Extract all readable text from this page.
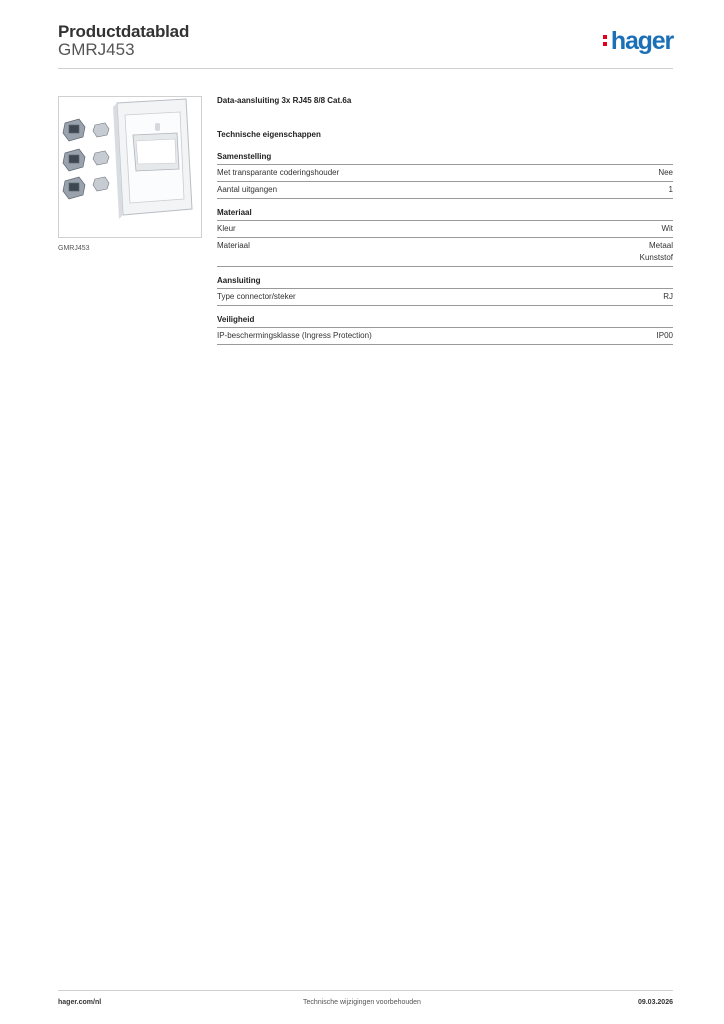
Productdatablad
GMRJ453	hager
GMRJ453
Data-aansluiting 3x RJ45 8/8 Cat.6a
Technische eigenschappen
Samenstelling
Met transparante coderingshouder	Nee
Aantal uitgangen	1
Materiaal
Kleur	Wit
Materiaal	Metaal
Kunststof
Aansluiting
Type connector/steker	RJ
Veiligheid
IP-beschermingsklasse (Ingress Protection)	IP00
hager.com/nl	Technische wijzigingen voorbehouden	09.03.2026
